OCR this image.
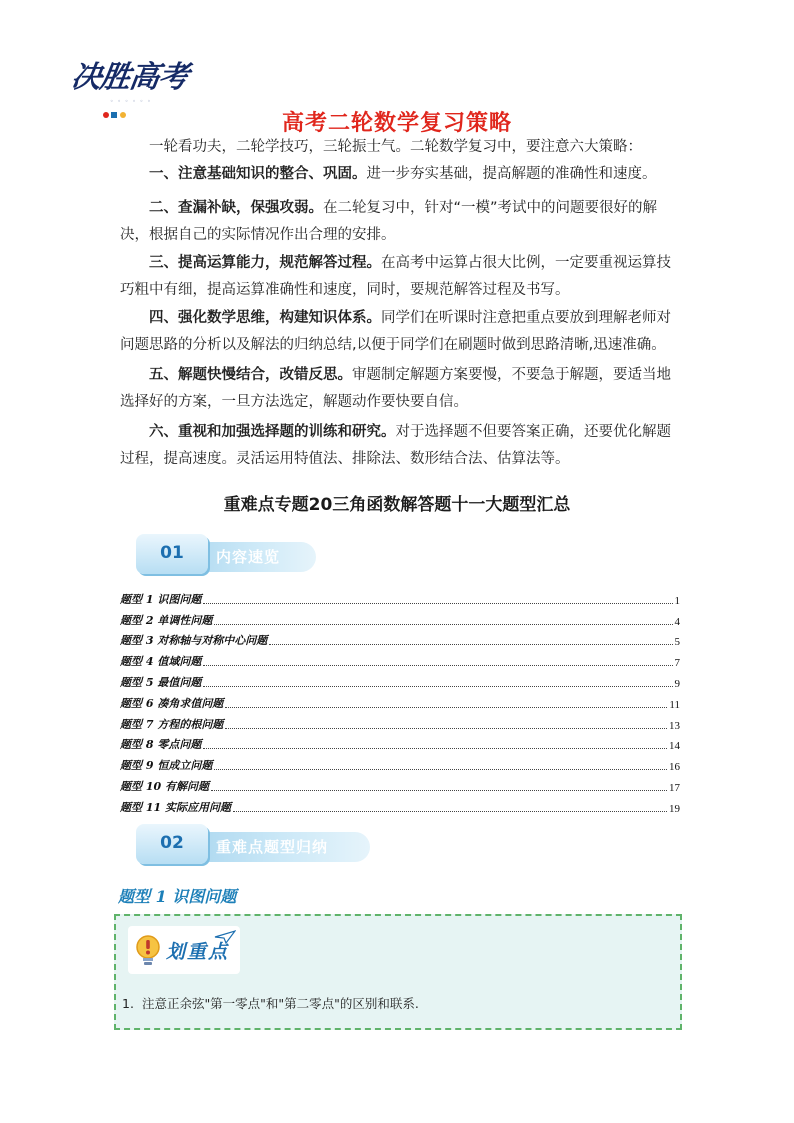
决胜高考
◦ ◦ ◦ ◦ ◦ ◦
高考二轮数学复习策略
一轮看功夫，二轮学技巧，三轮振士气。二轮数学复习中，要注意六大策略：
一、注意基础知识的整合、巩固。进一步夯实基础，提高解题的准确性和速度。
二、查漏补缺，保强攻弱。在二轮复习中，针对“一模”考试中的问题要很好的解决，根据自己的实际情况作出合理的安排。
三、提高运算能力，规范解答过程。在高考中运算占很大比例，一定要重视运算技巧粗中有细，提高运算准确性和速度，同时，要规范解答过程及书写。
四、强化数学思维，构建知识体系。同学们在听课时注意把重点要放到理解老师对问题思路的分析以及解法的归纳总结,以便于同学们在刷题时做到思路清晰,迅速准确。
五、解题快慢结合，改错反思。审题制定解题方案要慢，不要急于解题，要适当地选择好的方案，一旦方法选定，解题动作要快要自信。
六、重视和加强选择题的训练和研究。对于选择题不但要答案正确，还要优化解题过程，提高速度。灵活运用特值法、排除法、数形结合法、估算法等。
重难点专题20三角函数解答题十一大题型汇总
01	内容速览
题型 1 识图问题	1
题型 2 单调性问题	4
题型 3 对称轴与对称中心问题	5
题型 4 值域问题	7
题型 5 最值问题	9
题型 6 凑角求值问题	11
题型 7 方程的根问题	13
题型 8 零点问题	14
题型 9 恒成立问题	16
题型 10 有解问题	17
题型 11 实际应用问题	19
02	重难点题型归纳
题型 1 识图问题
划重点
1. 注意正余弦"第一零点"和"第二零点"的区别和联系.
